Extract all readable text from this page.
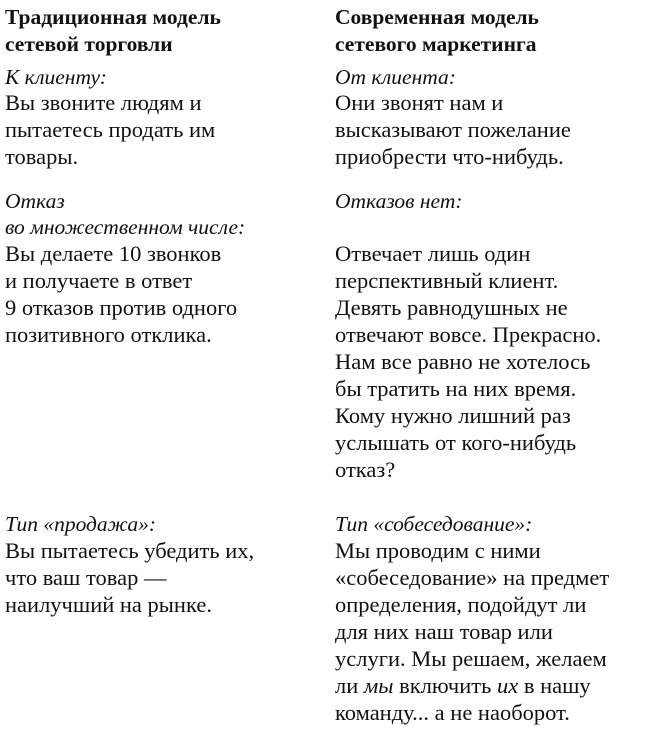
Традиционная модель
сетевой торговли
К клиенту:
Вы звоните людям и
пытаетесь продать им
товары.
Отказ
во множественном числе:
Вы делаете 10 звонков
и получаете в ответ
9 отказов против одного
позитивного отклика.
Тип «продажа»:
Вы пытаетесь убедить их,
что ваш товар —
наилучший на рынке.
Современная модель
сетевого маркетинга
От клиента:
Они звонят нам и
высказывают пожелание
приобрести что-нибудь.
Отказов нет:
Отвечает лишь один
перспективный клиент.
Девять равнодушных не
отвечают вовсе. Прекрасно.
Нам все равно не хотелось
бы тратить на них время.
Кому нужно лишний раз
услышать от кого-нибудь
отказ?
Тип «собеседование»:
Мы проводим с ними
«собеседование» на предмет
определения, подойдут ли
для них наш товар или
услуги. Мы решаем, желаем
ли мы включить их в нашу
команду... а не наоборот.
